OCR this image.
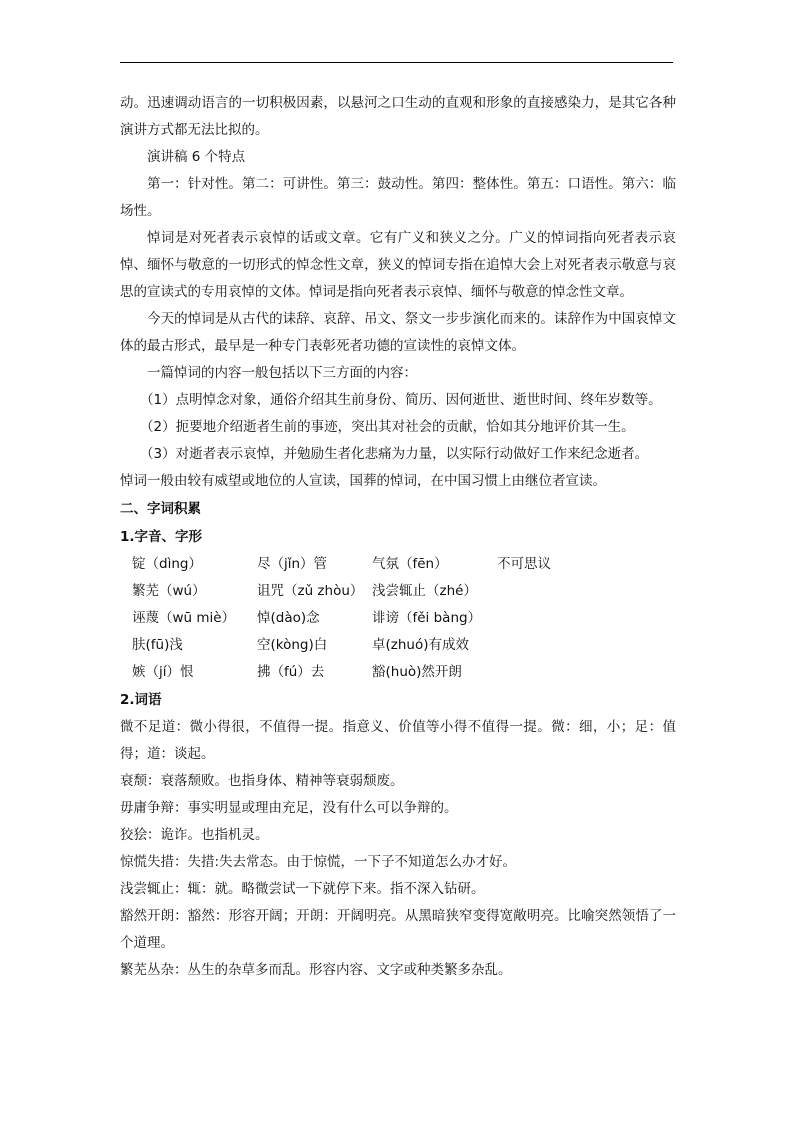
动。迅速调动语言的一切积极因素，以悬河之口生动的直观和形象的直接感染力，是其它各种演讲方式都无法比拟的。

演讲稿 6 个特点

第一：针对性。第二：可讲性。第三：鼓动性。第四：整体性。第五：口语性。第六：临场性。

悼词是对死者表示哀悼的话或文章。它有广义和狭义之分。广义的悼词指向死者表示哀悼、缅怀与敬意的一切形式的悼念性文章，狭义的悼词专指在追悼大会上对死者表示敬意与哀思的宣读式的专用哀悼的文体。悼词是指向死者表示哀悼、缅怀与敬意的悼念性文章。

今天的悼词是从古代的诔辞、哀辞、吊文、祭文一步步演化而来的。诔辞作为中国哀悼文体的最古形式，最早是一种专门表彰死者功德的宣读性的哀悼文体。

一篇悼词的内容一般包括以下三方面的内容：

（1）点明悼念对象，通俗介绍其生前身份、简历、因何逝世、逝世时间、终年岁数等。

（2）扼要地介绍逝者生前的事迹，突出其对社会的贡献，恰如其分地评价其一生。

（3）对逝者表示哀悼，并勉励生者化悲痛为力量，以实际行动做好工作来纪念逝者。

悼词一般由较有威望或地位的人宣读，国葬的悼词，在中国习惯上由继位者宣读。

二、字词积累

1.字音、字形

锭（dìng）	尽（jǐn）管	气氛（fēn）	不可思议
繁芜（wú）	诅咒（zǔ zhòu） 浅尝辄止（zhé）
诬蔑（wū miè）	悼(dào)念	诽谤（fěi bàng）
肤(fū)浅	空(kòng)白	卓(zhuó)有成效
嫉（jí）恨	拂（fú）去	豁(huò)然开朗

2.词语

微不足道：微小得很，不值得一提。指意义、价值等小得不值得一提。微：细，小；足：值得；道：谈起。

衰颓：衰落颓败。也指身体、精神等衰弱颓废。

毋庸争辩：事实明显或理由充足，没有什么可以争辩的。

狡狯：诡诈。也指机灵。

惊慌失措：失措:失去常态。由于惊慌，一下子不知道怎么办才好。

浅尝辄止：辄：就。略微尝试一下就停下来。指不深入钻研。

豁然开朗：豁然：形容开阔；开朗：开阔明亮。从黑暗狭窄变得宽敞明亮。比喻突然领悟了一个道理。

繁芜丛杂：丛生的杂草多而乱。形容内容、文字或种类繁多杂乱。
